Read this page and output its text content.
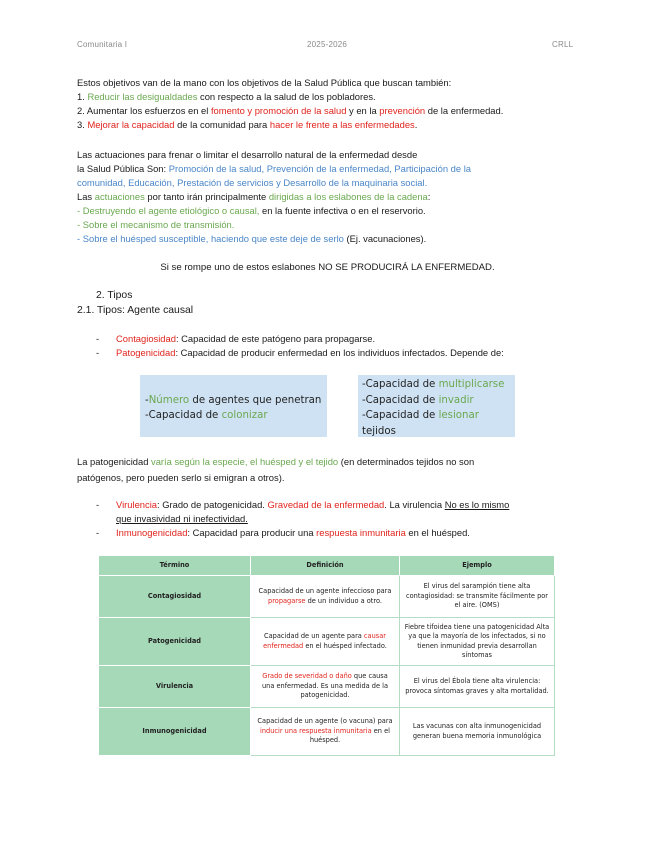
Comunitaria I	2025-2026	CRLL

Estos objetivos van de la mano con los objetivos de la Salud Pública que buscan también:

1. Reducir las desigualdades con respecto a la salud de los pobladores.

2. Aumentar los esfuerzos en el fomento y promoción de la salud y en la prevención de la enfermedad.

3. Mejorar la capacidad de la comunidad para hacer le frente a las enfermedades.

Las actuaciones para frenar o limitar el desarrollo natural de la enfermedad desde

la Salud Pública Son: Promoción de la salud, Prevención de la enfermedad, Participación de la

comunidad, Educación, Prestación de servicios y Desarrollo de la maquinaria social.

Las actuaciones por tanto irán principalmente dirigidas a los eslabones de la cadena:

- Destruyendo el agente etiológico o causal, en la fuente infectiva o en el reservorio.

- Sobre el mecanismo de transmisión.

- Sobre el huésped susceptible, haciendo que este deje de serlo (Ej. vacunaciones).

Si se rompe uno de estos eslabones NO SE PRODUCIRÁ LA ENFERMEDAD.
2. Tipos
2.1. Tipos: Agente causal

- Contagiosidad: Capacidad de este patógeno para propagarse.

- Patogenicidad: Capacidad de producir enfermedad en los individuos infectados. Depende de:

-Número de agentes que penetran
-Capacidad de colonizar
-Capacidad de multiplicarse
-Capacidad de invadir
-Capacidad de lesionar
tejidos

La patogenicidad varía según la especie, el huésped y el tejido (en determinados tejidos no son

patógenos, pero pueden serlo si emigran a otros).

- Virulencia: Grado de patogenicidad. Gravedad de la enfermedad. La virulencia No es lo mismo

que invasividad ni inefectividad.

- Inmunogenicidad: Capacidad para producir una respuesta inmunitaria en el huésped.

Término	Definición	Ejemplo
Contagiosidad	Capacidad de un agente infeccioso para propagarse de un individuo a otro.	El virus del sarampión tiene alta contagiosidad: se transmite fácilmente por el aire. (OMS)
Patogenicidad	Capacidad de un agente para causar enfermedad en el huésped infectado.	Fiebre tifoidea tiene una patogenicidad Alta ya que la mayoría de los infectados, si no tienen inmunidad previa desarrollan síntomas
Virulencia	Grado de severidad o daño que causa una enfermedad. Es una medida de la patogenicidad.	El virus del Ébola tiene alta virulencia: provoca síntomas graves y alta mortalidad.
Inmunogenicidad	Capacidad de un agente (o vacuna) para inducir una respuesta inmunitaria en el huésped.	Las vacunas con alta inmunogenicidad generan buena memoria inmunológica
